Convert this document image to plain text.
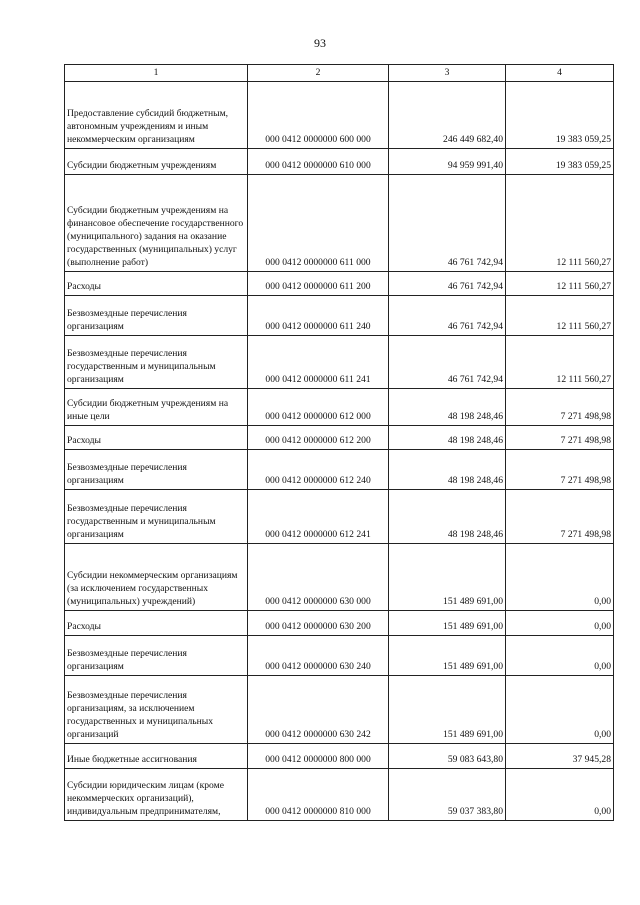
93
1	2	3	4
Предоставление субсидий бюджетным, автономным учреждениям и иным некоммерческим организациям	000 0412 0000000 600 000	246 449 682,40	19 383 059,25
Субсидии бюджетным учреждениям	000 0412 0000000 610 000	94 959 991,40	19 383 059,25
Субсидии бюджетным учреждениям на финансовое обеспечение государственного (муниципального) задания на оказание государственных (муниципальных) услуг (выполнение работ)	000 0412 0000000 611 000	46 761 742,94	12 111 560,27
Расходы	000 0412 0000000 611 200	46 761 742,94	12 111 560,27
Безвозмездные перечисления организациям	000 0412 0000000 611 240	46 761 742,94	12 111 560,27
Безвозмездные перечисления государственным и муниципальным организациям	000 0412 0000000 611 241	46 761 742,94	12 111 560,27
Субсидии бюджетным учреждениям на иные цели	000 0412 0000000 612 000	48 198 248,46	7 271 498,98
Расходы	000 0412 0000000 612 200	48 198 248,46	7 271 498,98
Безвозмездные перечисления организациям	000 0412 0000000 612 240	48 198 248,46	7 271 498,98
Безвозмездные перечисления государственным и муниципальным организациям	000 0412 0000000 612 241	48 198 248,46	7 271 498,98
Субсидии некоммерческим организациям (за исключением государственных (муниципальных) учреждений)	000 0412 0000000 630 000	151 489 691,00	0,00
Расходы	000 0412 0000000 630 200	151 489 691,00	0,00
Безвозмездные перечисления организациям	000 0412 0000000 630 240	151 489 691,00	0,00
Безвозмездные перечисления организациям, за исключением государственных и муниципальных организаций	000 0412 0000000 630 242	151 489 691,00	0,00
Иные бюджетные ассигнования	000 0412 0000000 800 000	59 083 643,80	37 945,28
Субсидии юридическим лицам (кроме некоммерческих организаций), индивидуальным предпринимателям,	000 0412 0000000 810 000	59 037 383,80	0,00
